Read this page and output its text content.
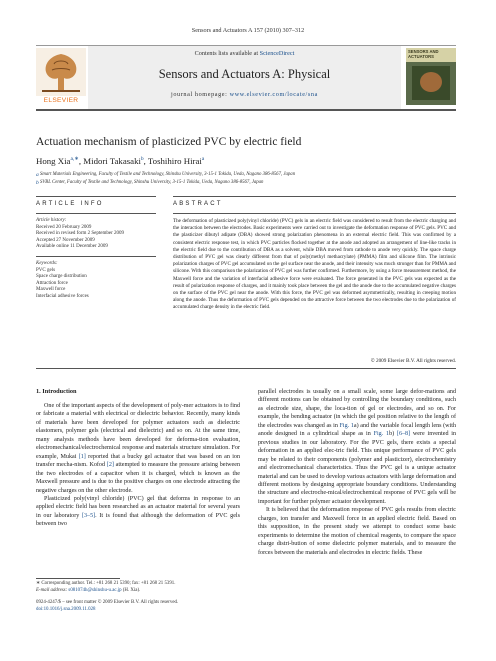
Sensors and Actuators A 157 (2010) 307–312
ELSEVIER
Contents lists available at ScienceDirect
Sensors and Actuators A: Physical
journal homepage: www.elsevier.com/locate/sna
SENSORS AND ACTUATORS
Actuation mechanism of plasticized PVC by electric field
Hong Xia$^{a,∗}$, Midori Takasaki$^b$, Toshihiro Hirai$^a$
a Smart Materials Engineering, Faculty of Textile and Technology, Shinshu University, 3-15-1 Tokida, Ueda, Nagano 386-8567, Japan
b SVBL Center, Faculty of Textile and Technology, Shinshu University, 3-15-1 Tokida, Ueda, Nagano 386-8567, Japan
ARTICLE INFO	ABSTRACT
Article history:
Received 20 February 2009
Received in revised form 2 September 2009
Accepted 27 November 2009
Available online 11 December 2009
Keywords:
PVC gels
Space charge distribution
Attraction force
Maxwell force
Interfacial adhesive forces
The deformation of plasticized poly(vinyl chloride) (PVC) gels in an electric field was considered to result from the electric charging and the interaction between the electrodes. Basic experiments were carried out to investigate the deformation response of PVC gels. PVC and the plasticizer dibutyl adipate (DBA) showed strong polarization phenomena in an external electric field. This was confirmed by a consistent electric response test, in which PVC particles flocked together at the anode and adopted an arrangement of line-like tracks in the electric field due to the contribution of DBA as a solvent, while DBA moved from cathode to anode very quickly. The space charge distribution of PVC gel was clearly different from that of poly(methyl methacrylate) (PMMA) film and silicone film. The intrinsic polarization charges of PVC gel accumulated on the gel surface near the anode, and their intensity was much stronger than for PMMA and silicone. With this comparison the polarization of PVC gel was further confirmed. Furthermore, by using a force measurement method, the Maxwell force and the variation of interfacial adhesive force were evaluated. The force generated in the PVC gels was expected as the result of polarization response of charges, and it mainly took place between the gel and the anode due to the accumulated negative charges on the surface of the PVC gel near the anode. With this force, the PVC gel was deformed asymmetrically, resulting in creeping motion along the anode. Thus the deformation of PVC gels depended on the attractive force between the two electrodes due to the polarization of accumulated charge density in the electric field.
© 2009 Elsevier B.V. All rights reserved.
1. Introduction
One of the important aspects of the development of poly-mer actuators is to find or fabricate a material with electrical or dielectric behavior. Recently, many kinds of materials have been developed for polymer actuators such as dielectric elastomers, polymer gels (electrical and dielectric) and so on. At the same time, many analysis methods have been developed for deforma-tion evaluation, electromechanical/electrochemical response and materials structure simulation. For example, Mukai [1] reported that a bucky gel actuator that was based on an ion transfer mecha-nism. Kofod [2] attempted to measure the pressure arising between the two electrodes of a capacitor when it is charged, which is known as the Maxwell pressure and is due to the positive charges on one electrode attracting the negative charges on the other electrode.
Plasticized poly(vinyl chloride) (PVC) gel that deforms in response to an applied electric field has been researched as an actuator material for several years in our laboratory [3–5]. It is found that although the deformation of PVC gels between two
parallel electrodes is usually on a small scale, some large defor-mations and different motions can be obtained by controlling the boundary conditions, such as electrode size, shape, the loca-tion of gel or electrodes, and so on. For example, the bending actuator (in which the gel position relative to the length of the electrodes was changed as in Fig. 1a) and the variable focal length lens (with anode designed in a cylindrical shape as in Fig. 1b) [6–8] were invented in previous studies in our laboratory. For the PVC gels, there exists a special deformation in an applied elec-tric field. This unique performance of PVC gels may be related to their components (polymer and plasticizer), electrochemistry and electromechanical characteristics. Thus the PVC gel is a unique actuator material and can be used to develop various actuators with large deformation and different motions by designing appropriate boundary conditions. Understanding the structure and electroche-mical/electrochemical response of PVC gels will be important for further polymer actuator development.
It is believed that the deformation response of PVC gels results from electric charges, ion transfer and Maxwell force in an applied electric field. Based on this supposition, in the present study we attempt to conduct some basic experiments to determine the motion of chemical reagents, to compare the space charge distri-bution of some dielectric polymer materials, and to measure the forces between the materials and electrodes in electric fields. These
∗ Corresponding author. Tel.: +81 268 21 5390; fax: +81 268 21 5391.
E-mail address: s081074h@shinshu-u.ac.jp (H. Xia).
0924-4247/$ – see front matter © 2009 Elsevier B.V. All rights reserved.
doi:10.1016/j.sna.2009.11.028
